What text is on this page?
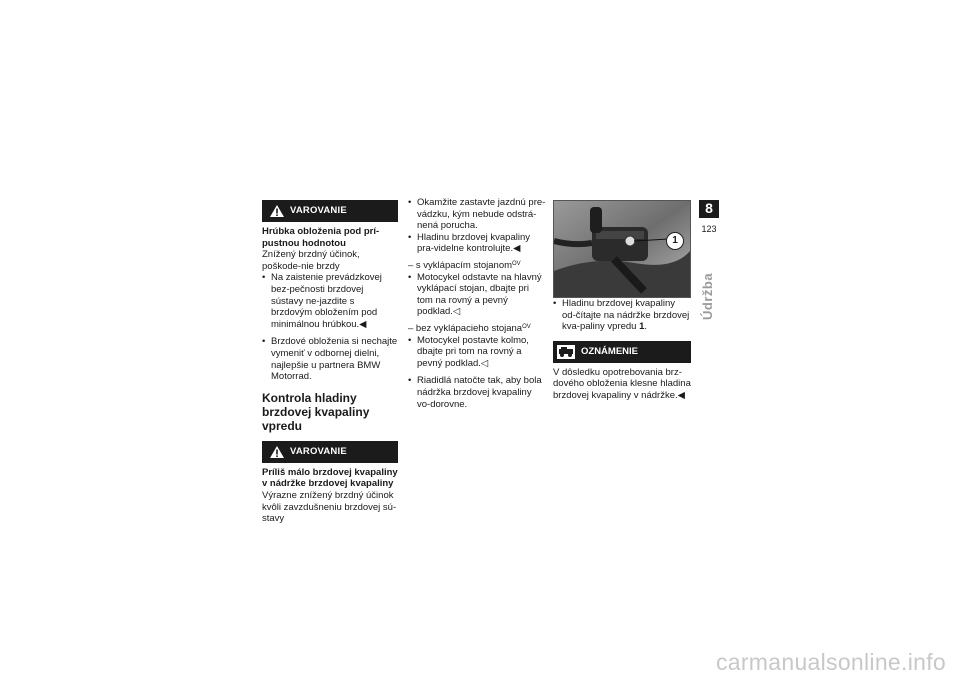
VAROVANIE

Hrúbka obloženia pod prí-pustnou hodnotou

Znížený brzdný účinok, poškode-nie brzdy

• Na zaistenie prevádzkovej bez-pečnosti brzdovej sústavy ne-jazdite s brzdovým obložením pod minimálnou hrúbkou.◀
• Brzdové obloženia si nechajte vymeniť v odbornej dielni, najlepšie u partnera BMW Motorrad.

Kontrola hladiny brzdovej kvapaliny vpredu

VAROVANIE

Príliš málo brzdovej kvapaliny v nádržke brzdovej kvapaliny

Výrazne znížený brzdný účinok kvôli zavzdušneniu brzdovej sú-stavy

• Okamžite zastavte jazdnú pre-vádzku, kým nebude odstrá-nená porucha.
• Hladinu brzdovej kvapaliny pra-videlne kontrolujte.◀

– s vyklápacím stojanom$^{OV}$

• Motocykel odstavte na hlavný vyklápací stojan, dbajte pri tom na rovný a pevný podklad.◁

– bez vyklápacieho stojana$^{OV}$

• Motocykel postavte kolmo, dbajte pri tom na rovný a pevný podklad.◁
• Riadidlá natočte tak, aby bola nádržka brzdovej kvapaliny vo-dorovne.
1
• Hladinu brzdovej kvapaliny od-čítajte na nádržke brzdovej kva-paliny vpredu 1.
OZNÁMENIE

V dôsledku opotrebovania brz-dového obloženia klesne hladina brzdovej kvapaliny v nádržke.◀

8
123
Údržba
carmanualsonline.info
